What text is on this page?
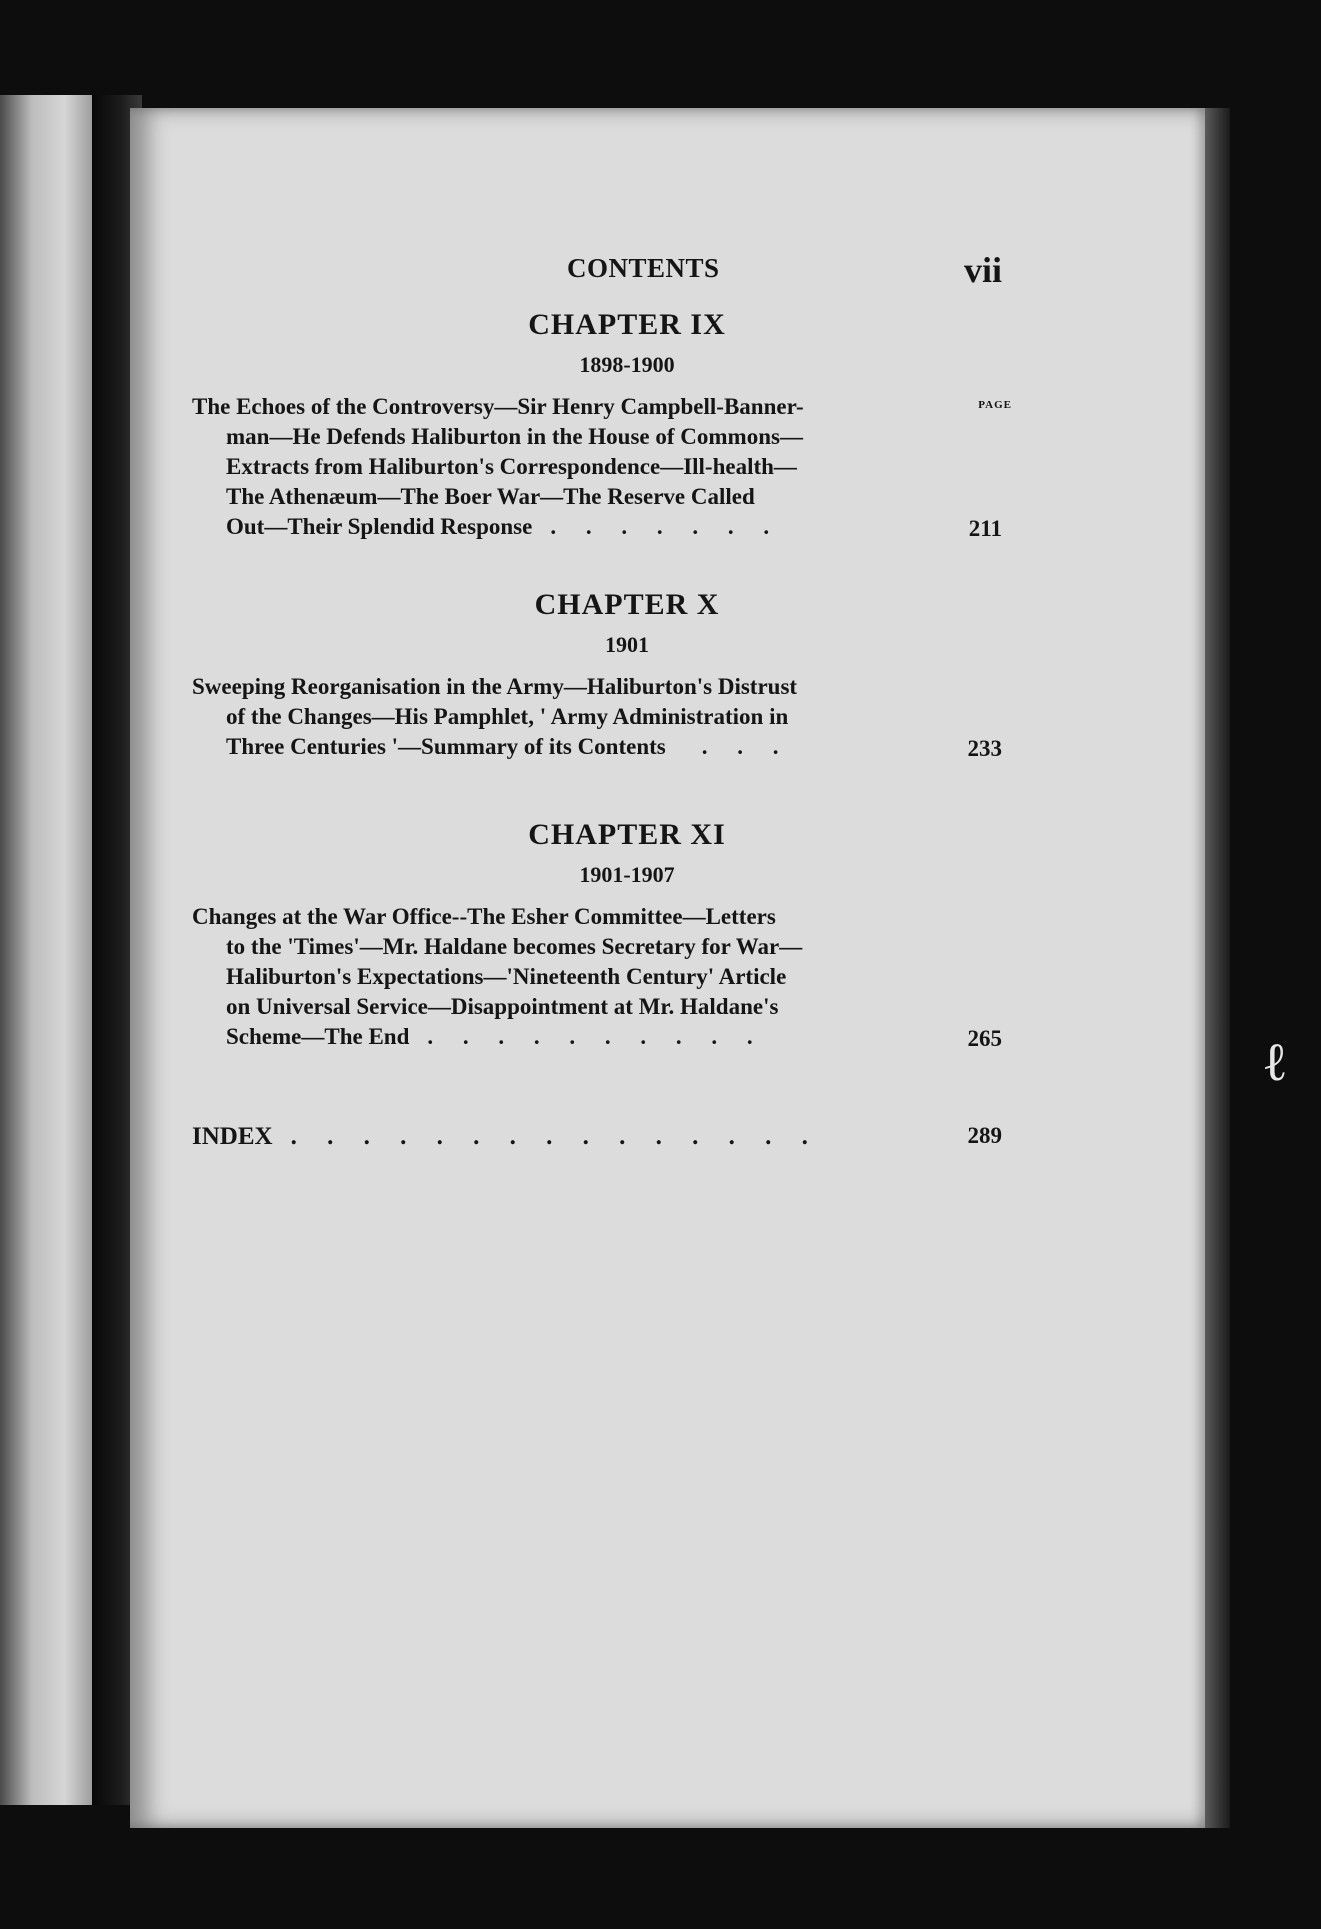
CONTENTS	vii
CHAPTER IX
1898-1900
PAGE
The Echoes of the Controversy—Sir Henry Campbell-Banner-
man—He Defends Haliburton in the House of Commons—
Extracts from Haliburton's Correspondence—Ill-health—
The Athenæum—The Boer War—The Reserve Called
Out—Their Splendid Response . . . . . . .	211
CHAPTER X
1901
Sweeping Reorganisation in the Army—Haliburton's Distrust
of the Changes—His Pamphlet, ' Army Administration in
Three Centuries '—Summary of its Contents . . .	233
CHAPTER XI
1901-1907
Changes at the War Office--The Esher Committee—Letters
to the 'Times'—Mr. Haldane becomes Secretary for War—
Haliburton's Expectations—'Nineteenth Century' Article
on Universal Service—Disappointment at Mr. Haldane's
Scheme—The End . . . . . . . . . .	265
INDEX . . . . . . . . . . . . . . .	289
ℓ
